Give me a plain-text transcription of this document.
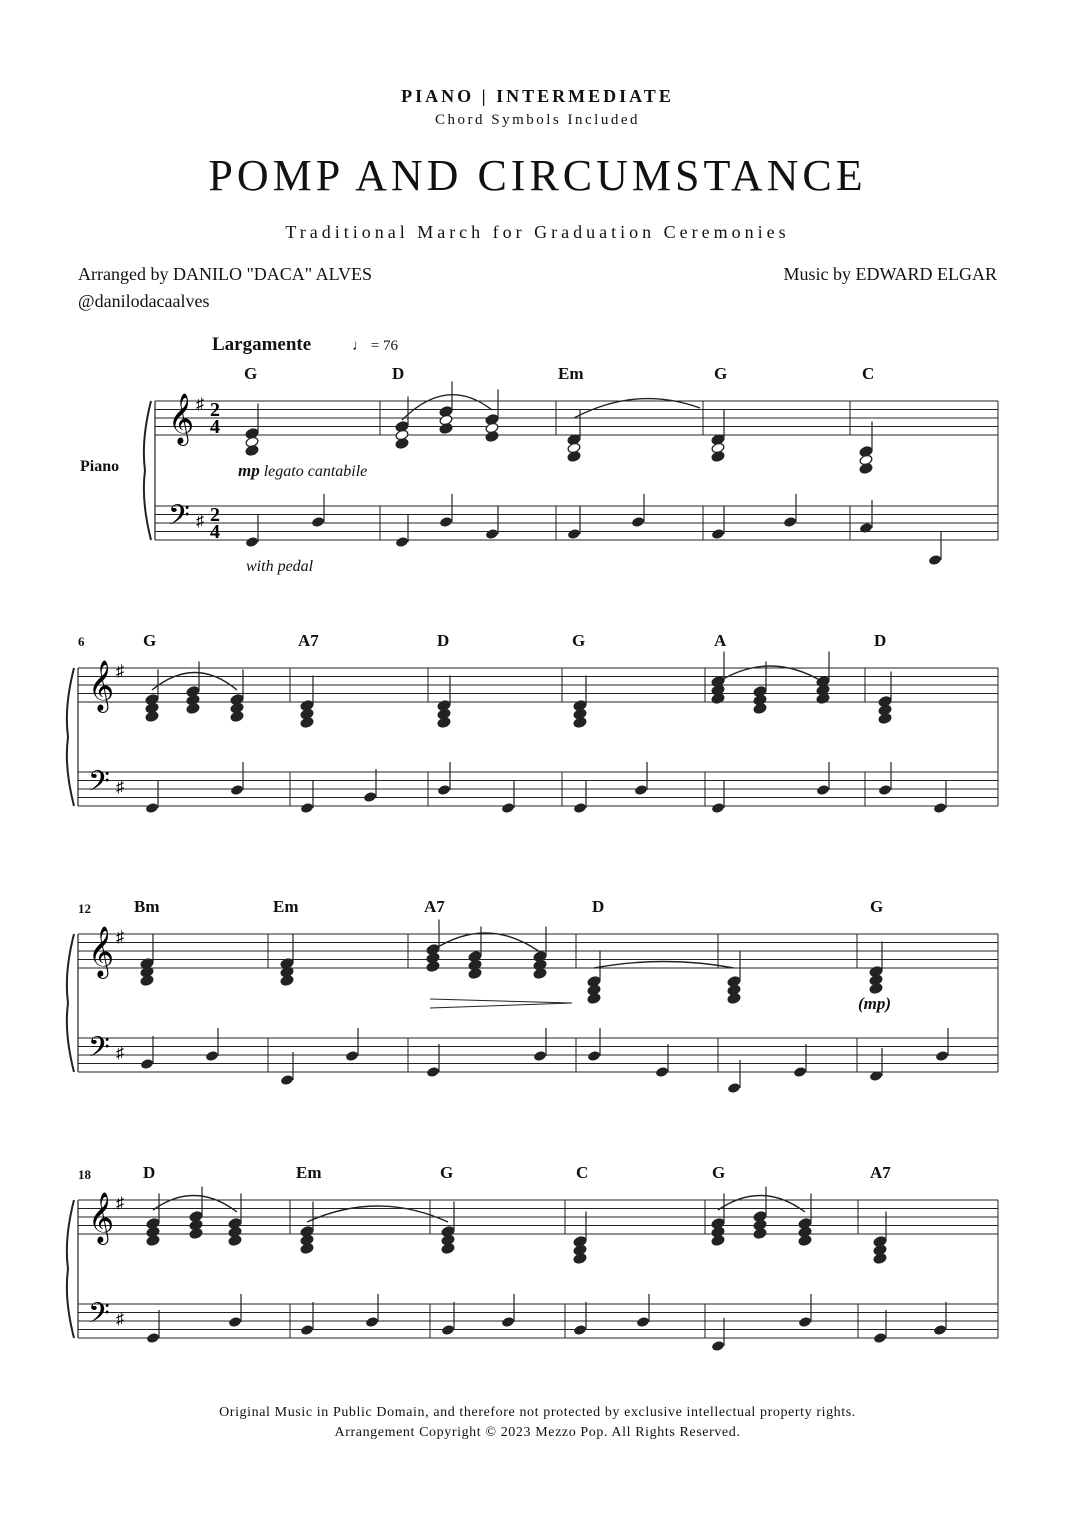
PIANO | INTERMEDIATE
Chord Symbols Included
POMP AND CIRCUMSTANCE
Traditional March for Graduation Ceremonies
Arranged by DANILO "DACA" ALVES
@danilodacaalves
Music by EDWARD ELGAR
Largamente	♩ = 76
Piano	mp legato cantabile
with pedal
(mp)
6
12
18
G	D	Em	G	C
G	A7	D	G	A	D
Bm	Em	A7	D	G
D	Em	G	C	G	A7
𝄞
𝄢
♯
♯
2
2
4
4
𝄞
𝄢
♯
♯
𝄞
𝄢
♯
♯
𝄞
𝄢
♯
♯
Original Music in Public Domain, and therefore not protected by exclusive intellectual property rights.
Arrangement Copyright © 2023 Mezzo Pop. All Rights Reserved.
